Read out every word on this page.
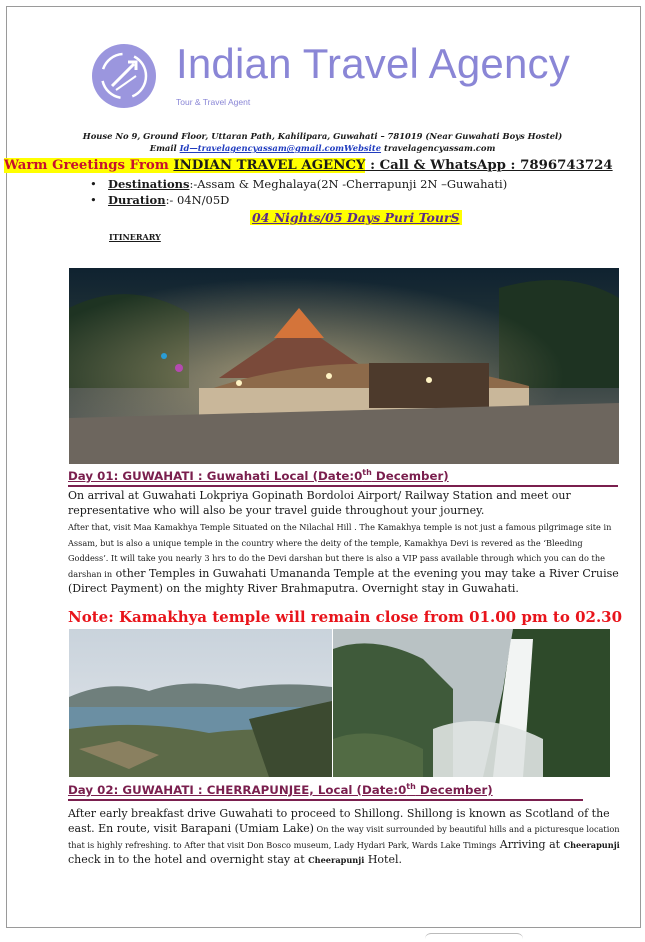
Indian Travel Agency
Tour & Travel Agent
House No 9, Ground Floor, Uttaran Path, Kahilipara, Guwahati – 781019 (Near Guwahati Boys Hostel)
Email Id—travelagencyassam@gmail.comWebsite travelagencyassam.com
Warm Greetings From INDIAN TRAVEL AGENCY : Call & WhatsApp : 7896743724
• Destinations:-Assam & Meghalaya(2N -Cherrapunji 2N –Guwahati)
• Duration:- 04N/05D
04 Nights/05 Days Puri TourS
ITINERARY
Day 01: GUWAHATI : Guwahati Local (Date:0th December)
On arrival at Guwahati Lokpriya Gopinath Bordoloi Airport/ Railway Station and meet our representative who will also be your travel guide throughout your journey.
After that, visit Maa Kamakhya Temple Situated on the Nilachal Hill . The Kamakhya temple is not just a famous pilgrimage site in Assam, but is also a unique temple in the country where the deity of the temple, Kamakhya Devi is revered as the ‘Bleeding Goddess’. It will take you nearly 3 hrs to do the Devi darshan but there is also a VIP pass available through which you can do the darshan in other Temples in Guwahati Umananda Temple at the evening you may take a River Cruise (Direct Payment) on the mighty River Brahmaputra. Overnight stay in Guwahati.
Note: Kamakhya temple will remain close from 01.00 pm to 02.30
Day 02: GUWAHATI : CHERRAPUNJEE, Local (Date:0th December)
After early breakfast drive Guwahati to proceed to Shillong. Shillong is known as Scotland of the east. En route, visit Barapani (Umiam Lake) On the way visit surrounded by beautiful hills and a picturesque location that is highly refreshing. to After that visit Don Bosco museum, Lady Hydari Park, Wards Lake Timings Arriving at Cheerapunji check in to the hotel and overnight stay at Cheerapunji Hotel.
